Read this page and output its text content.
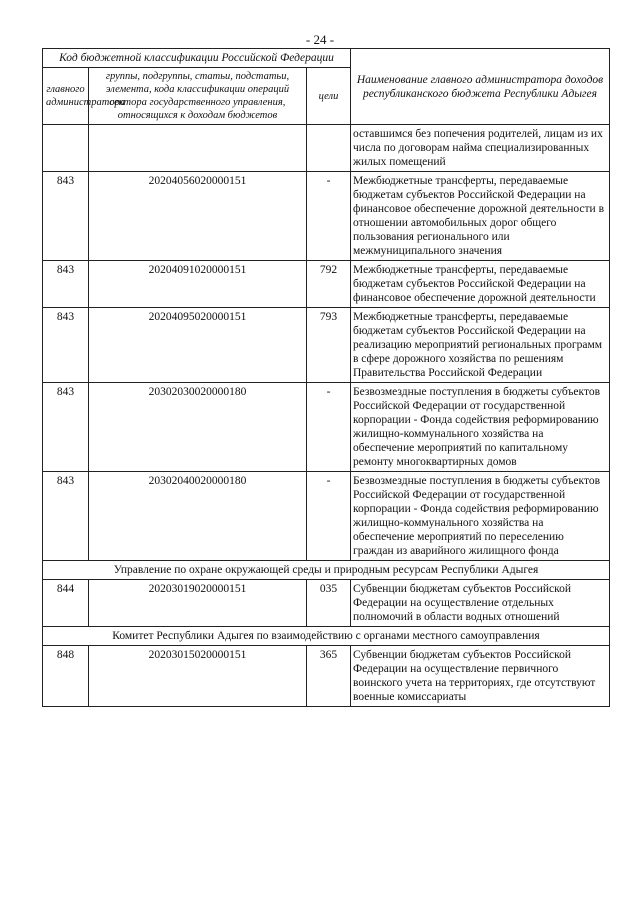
- 24 -
Код бюджетной классификации Российской Федерации			Наименование главного администратора доходов республиканского бюджета Республики Адыгея
главного администратора	группы, подгруппы, статьи, подстатьи, элемента, кода классификации операций сектора государственного управления, относящихся к доходам бюджетов	цели	
			оставшимся без попечения родителей, лицам из их числа по договорам найма специализированных жилых помещений
843	20204056020000151	-	Межбюджетные трансферты, передаваемые бюджетам субъектов Российской Федерации на финансовое обеспечение дорожной деятельности в отношении автомобильных дорог общего пользования регионального или межмуниципального значения
843	20204091020000151	792	Межбюджетные трансферты, передаваемые бюджетам субъектов Российской Федерации на финансовое обеспечение дорожной деятельности
843	20204095020000151	793	Межбюджетные трансферты, передаваемые бюджетам субъектов Российской Федерации на реализацию мероприятий региональных программ в сфере дорожного хозяйства по решениям Правительства Российской Федерации
843	20302030020000180	-	Безвозмездные поступления в бюджеты субъектов Российской Федерации от государственной корпорации - Фонда содействия реформированию жилищно-коммунального хозяйства на обеспечение мероприятий по капитальному ремонту многоквартирных домов
843	20302040020000180	-	Безвозмездные поступления в бюджеты субъектов Российской Федерации от государственной корпорации - Фонда содействия реформированию жилищно-коммунального хозяйства на обеспечение мероприятий по переселению граждан из аварийного жилищного фонда
Управление по охране окружающей среды и природным ресурсам Республики Адыгея			
844	20203019020000151	035	Субвенции бюджетам субъектов Российской Федерации на осуществление отдельных полномочий в области водных отношений
Комитет Республики Адыгея по взаимодействию с органами местного самоуправления			
848	20203015020000151	365	Субвенции бюджетам субъектов Российской Федерации на осуществление первичного воинского учета на территориях, где отсутствуют военные комиссариаты
